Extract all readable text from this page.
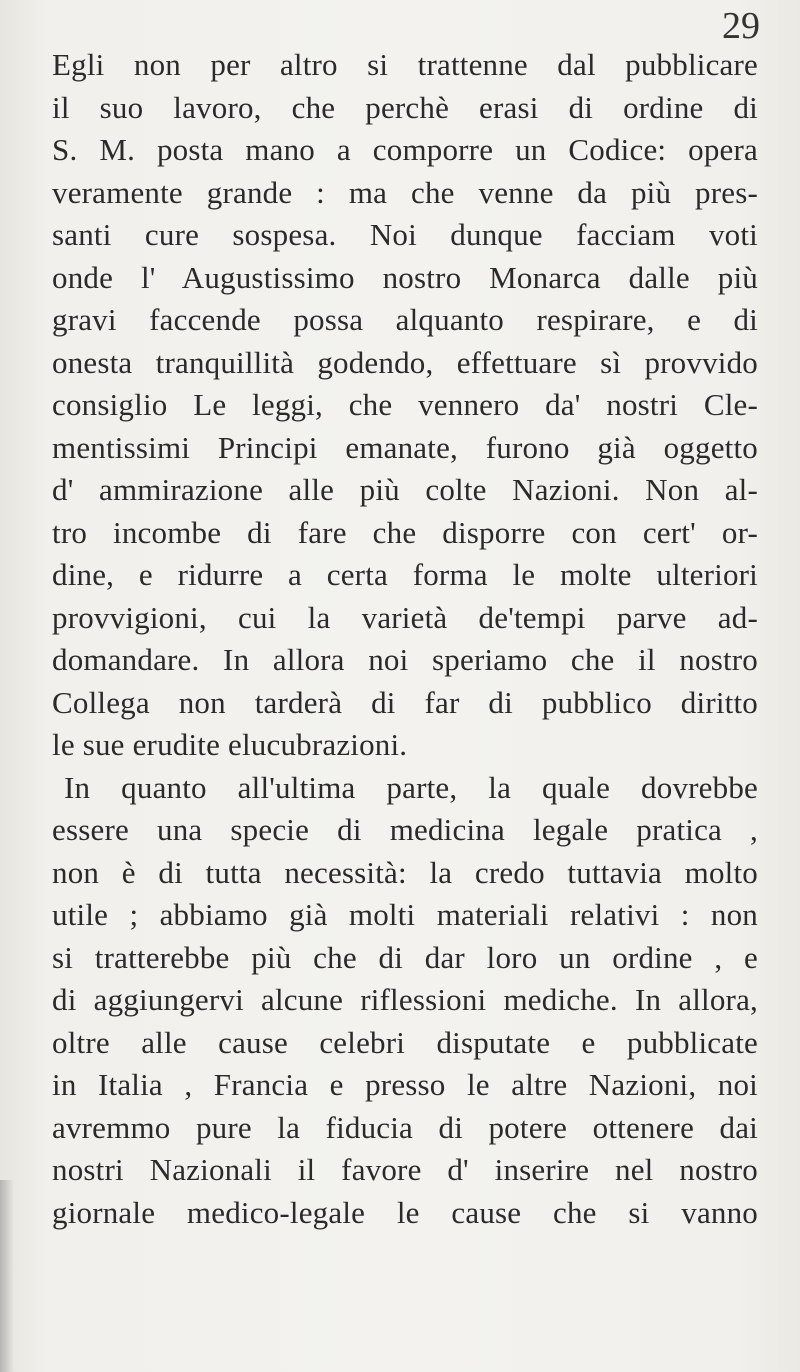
29
Egli non per altro si trattenne dal pubblicare
il suo lavoro, che perchè erasi di ordine di
S. M. posta mano a comporre un Codice: opera
veramente grande : ma che venne da più pres-
santi cure sospesa. Noi dunque facciam voti
onde l' Augustissimo nostro Monarca dalle più
gravi faccende possa alquanto respirare, e di
onesta tranquillità godendo, effettuare sì provvido
consiglio Le leggi, che vennero da' nostri Cle-
mentissimi Principi emanate, furono già oggetto
d' ammirazione alle più colte Nazioni. Non al-
tro incombe di fare che disporre con cert' or-
dine, e ridurre a certa forma le molte ulteriori
provvigioni, cui la varietà de'tempi parve ad-
domandare. In allora noi speriamo che il nostro
Collega non tarderà di far di pubblico diritto
le sue erudite elucubrazioni.
In quanto all'ultima parte, la quale dovrebbe
essere una specie di medicina legale pratica ,
non è di tutta necessità: la credo tuttavia molto
utile ; abbiamo già molti materiali relativi : non
si tratterebbe più che di dar loro un ordine , e
di aggiungervi alcune riflessioni mediche. In allora,
oltre alle cause celebri disputate e pubblicate
in Italia , Francia e presso le altre Nazioni, noi
avremmo pure la fiducia di potere ottenere dai
nostri Nazionali il favore d' inserire nel nostro
giornale medico-legale le cause che si vanno
